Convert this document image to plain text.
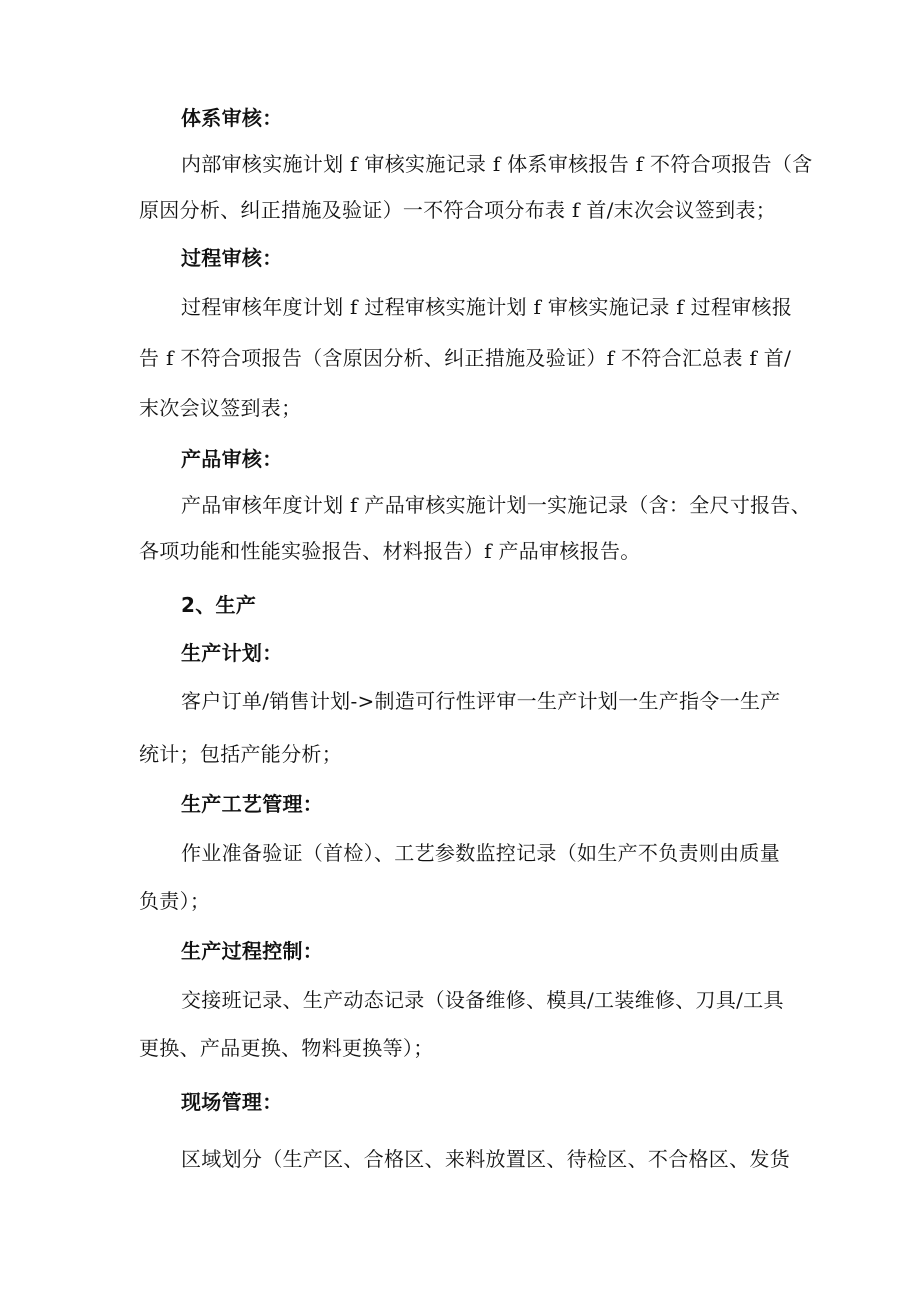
体系审核：

内部审核实施计划 f 审核实施记录 f 体系审核报告 f 不符合项报告（含

原因分析、纠正措施及验证）一不符合项分布表 f 首/末次会议签到表；

过程审核：

过程审核年度计划 f 过程审核实施计划 f 审核实施记录 f 过程审核报

告 f 不符合项报告（含原因分析、纠正措施及验证）f 不符合汇总表 f 首/

末次会议签到表；

产品审核：

产品审核年度计划 f 产品审核实施计划一实施记录（含：全尺寸报告、

各项功能和性能实验报告、材料报告）f 产品审核报告。

2、生产

生产计划：

客户订单/销售计划->制造可行性评审一生产计划一生产指令一生产

统计；包括产能分析；

生产工艺管理：

作业准备验证（首检）、工艺参数监控记录（如生产不负责则由质量

负责）；

生产过程控制：

交接班记录、生产动态记录（设备维修、模具/工装维修、刀具/工具

更换、产品更换、物料更换等）；

现场管理：

区域划分（生产区、合格区、来料放置区、待检区、不合格区、发货
